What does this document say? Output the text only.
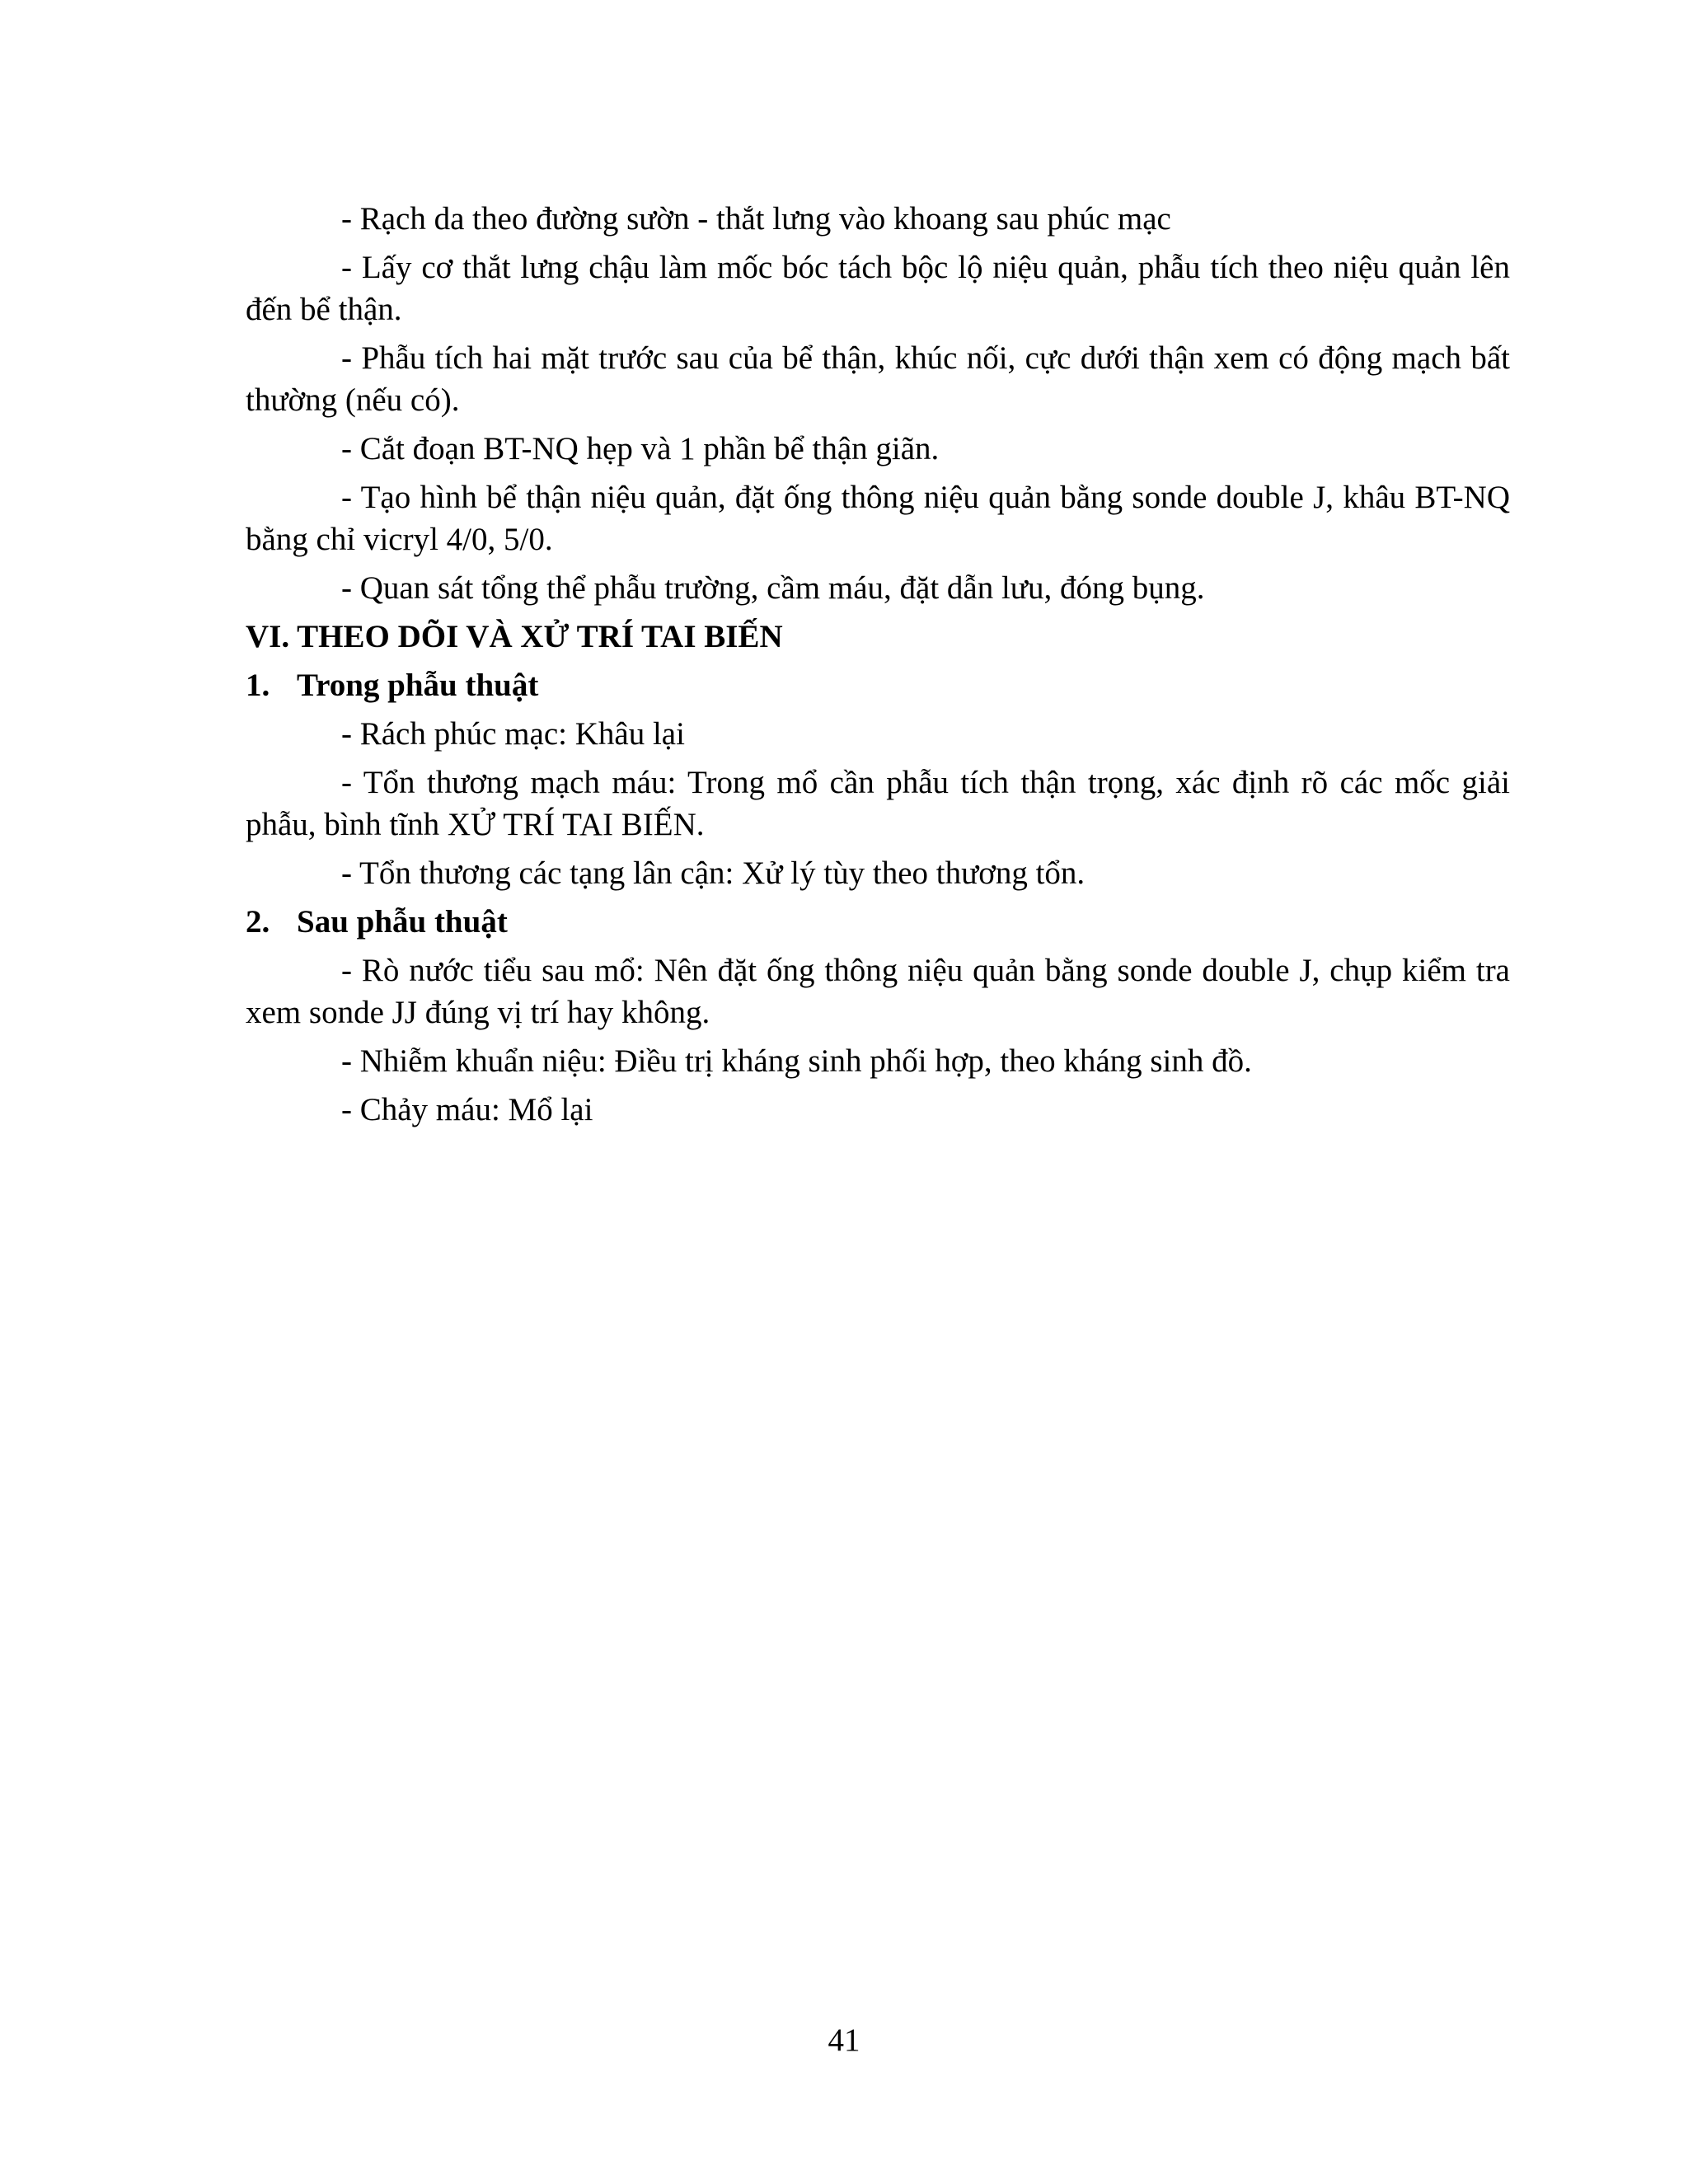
- Rạch da theo đường sườn - thắt lưng vào khoang sau phúc mạc

- Lấy cơ thắt lưng chậu làm mốc bóc tách bộc lộ niệu quản, phẫu tích theo niệu quản lên đến bể thận.

- Phẫu tích hai mặt trước sau của bể thận, khúc nối, cực dưới thận xem có động mạch bất thường (nếu có).

- Cắt đoạn BT-NQ hẹp và 1 phần bể thận giãn.

- Tạo hình bể thận niệu quản, đặt ống thông niệu quản bằng sonde double J, khâu BT-NQ bằng chỉ vicryl 4/0, 5/0.

- Quan sát tổng thể phẫu trường, cầm máu, đặt dẫn lưu, đóng bụng.

VI. THEO DÕI VÀ XỬ TRÍ TAI BIẾN

1. Trong phẫu thuật

- Rách phúc mạc: Khâu lại

- Tổn thương mạch máu: Trong mổ cần phẫu tích thận trọng, xác định rõ các mốc giải phẫu, bình tĩnh XỬ TRÍ TAI BIẾN.

- Tổn thương các tạng lân cận: Xử lý tùy theo thương tổn.

2. Sau phẫu thuật

- Rò nước tiểu sau mổ: Nên đặt ống thông niệu quản bằng sonde double J, chụp kiểm tra xem sonde JJ đúng vị trí hay không.

- Nhiễm khuẩn niệu: Điều trị kháng sinh phối hợp, theo kháng sinh đồ.

- Chảy máu: Mổ lại

41
